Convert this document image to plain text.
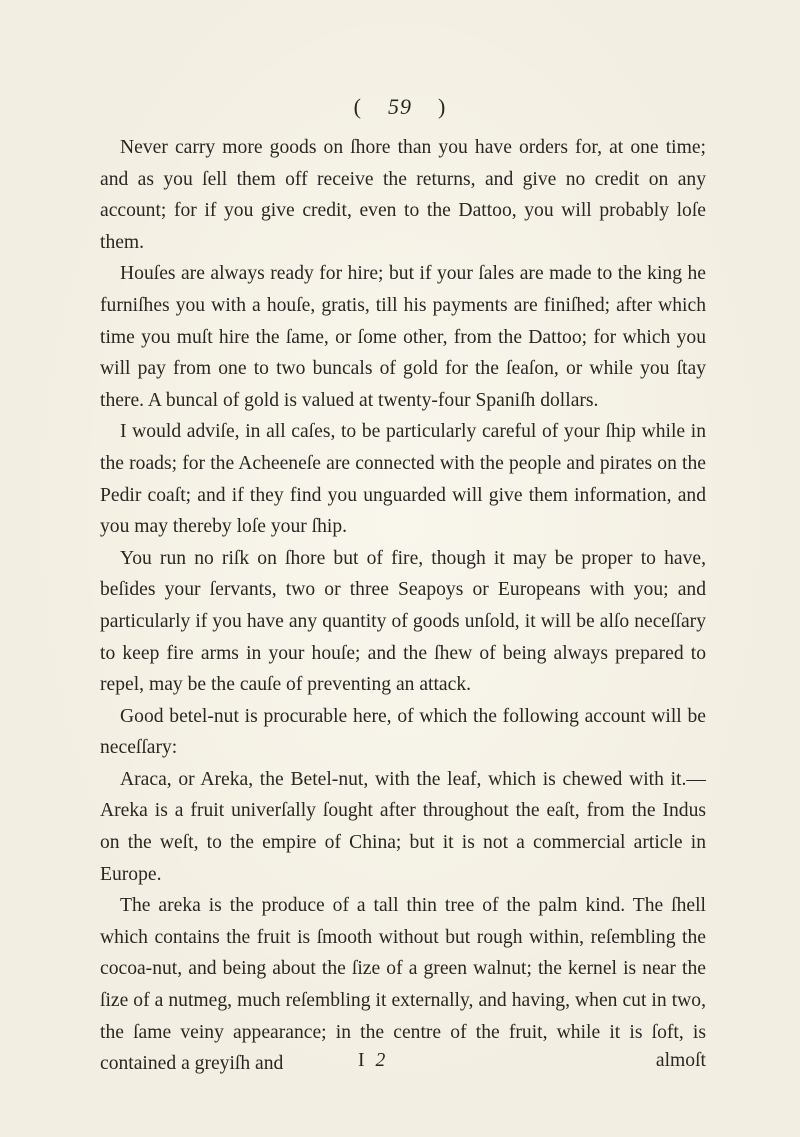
( 59 )

Never carry more goods on ſhore than you have orders for, at one time; and as you ſell them off receive the returns, and give no credit on any account; for if you give credit, even to the Dattoo, you will probably loſe them.

Houſes are always ready for hire; but if your ſales are made to the king he furniſhes you with a houſe, gratis, till his payments are finiſhed; after which time you muſt hire the ſame, or ſome other, from the Dattoo; for which you will pay from one to two buncals of gold for the ſeaſon, or while you ſtay there. A buncal of gold is valued at twenty-four Spaniſh dollars.

I would adviſe, in all caſes, to be particularly careful of your ſhip while in the roads; for the Acheeneſe are connected with the people and pirates on the Pedir coaſt; and if they find you unguarded will give them information, and you may thereby loſe your ſhip.

You run no riſk on ſhore but of fire, though it may be proper to have, beſides your ſervants, two or three Seapoys or Europeans with you; and particularly if you have any quantity of goods unſold, it will be alſo neceſſary to keep fire arms in your houſe; and the ſhew of being always prepared to repel, may be the cauſe of preventing an attack.

Good betel-nut is procurable here, of which the following account will be neceſſary:

Araca, or Areka, the Betel-nut, with the leaf, which is chewed with it.—Areka is a fruit univerſally ſought after throughout the eaſt, from the Indus on the weſt, to the empire of China; but it is not a commercial article in Europe.

The areka is the produce of a tall thin tree of the palm kind. The ſhell which contains the fruit is ſmooth without but rough within, reſembling the cocoa-nut, and being about the ſize of a green walnut; the kernel is near the ſize of a nutmeg, much reſembling it externally, and having, when cut in two, the ſame veiny appearance; in the centre of the fruit, while it is ſoft, is contained a greyiſh and	I 2	almoſt
